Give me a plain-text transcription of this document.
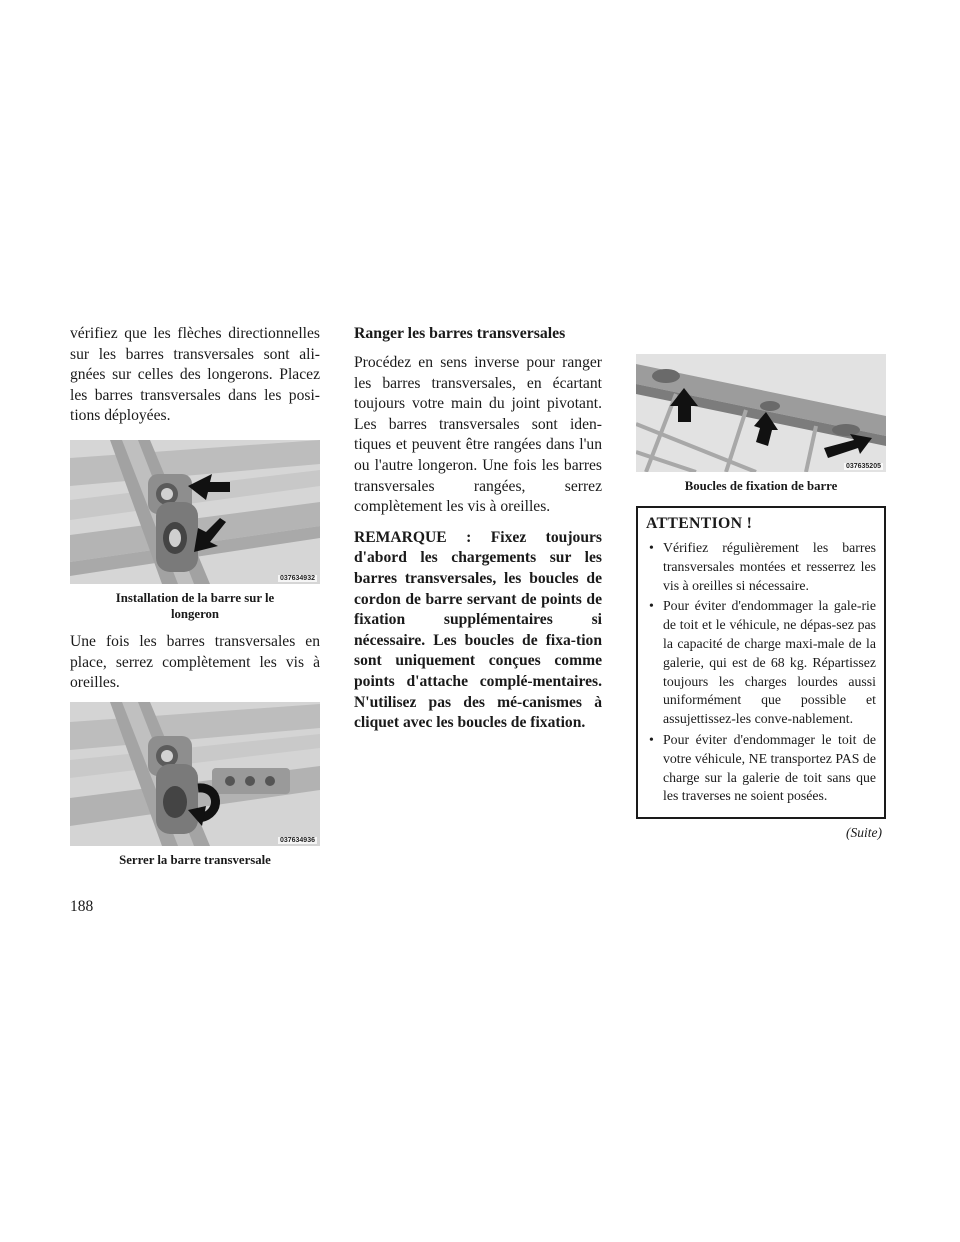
vérifiez que les flèches directionnelles sur les barres transversales sont ali-gnées sur celles des longerons. Placez les barres transversales dans les posi-tions déployées.

037634932
Installation de la barre sur le
longeron

Une fois les barres transversales en place, serrez complètement les vis à oreilles.

037634936
Serrer la barre transversale
Ranger les barres transversales

Procédez en sens inverse pour ranger les barres transversales, en écartant toujours votre main du joint pivotant. Les barres transversales sont iden-tiques et peuvent être rangées dans l'un ou l'autre longeron. Une fois les barres transversales rangées, serrez complètement les vis à oreilles.

REMARQUE : Fixez toujours d'abord les chargements sur les barres transversales, les boucles de cordon de barre servant de points de fixation supplémentaires si nécessaire. Les boucles de fixa-tion sont uniquement conçues comme points d'attache complé-mentaires. N'utilisez pas des mé-canismes à cliquet avec les boucles de fixation.

037635205
Boucles de fixation de barre
ATTENTION !
• Vérifiez régulièrement les barres transversales montées et resserrez les vis à oreilles si nécessaire.
• Pour éviter d'endommager la gale-rie de toit et le véhicule, ne dépas-sez pas la capacité de charge maxi-male de la galerie, qui est de 68 kg. Répartissez toujours les charges lourdes aussi uniformément que possible et assujettissez-les conve-nablement.
• Pour éviter d'endommager le toit de votre véhicule, NE transportez PAS de charge sur la galerie de toit sans que les traverses ne soient posées.
(Suite)
188
